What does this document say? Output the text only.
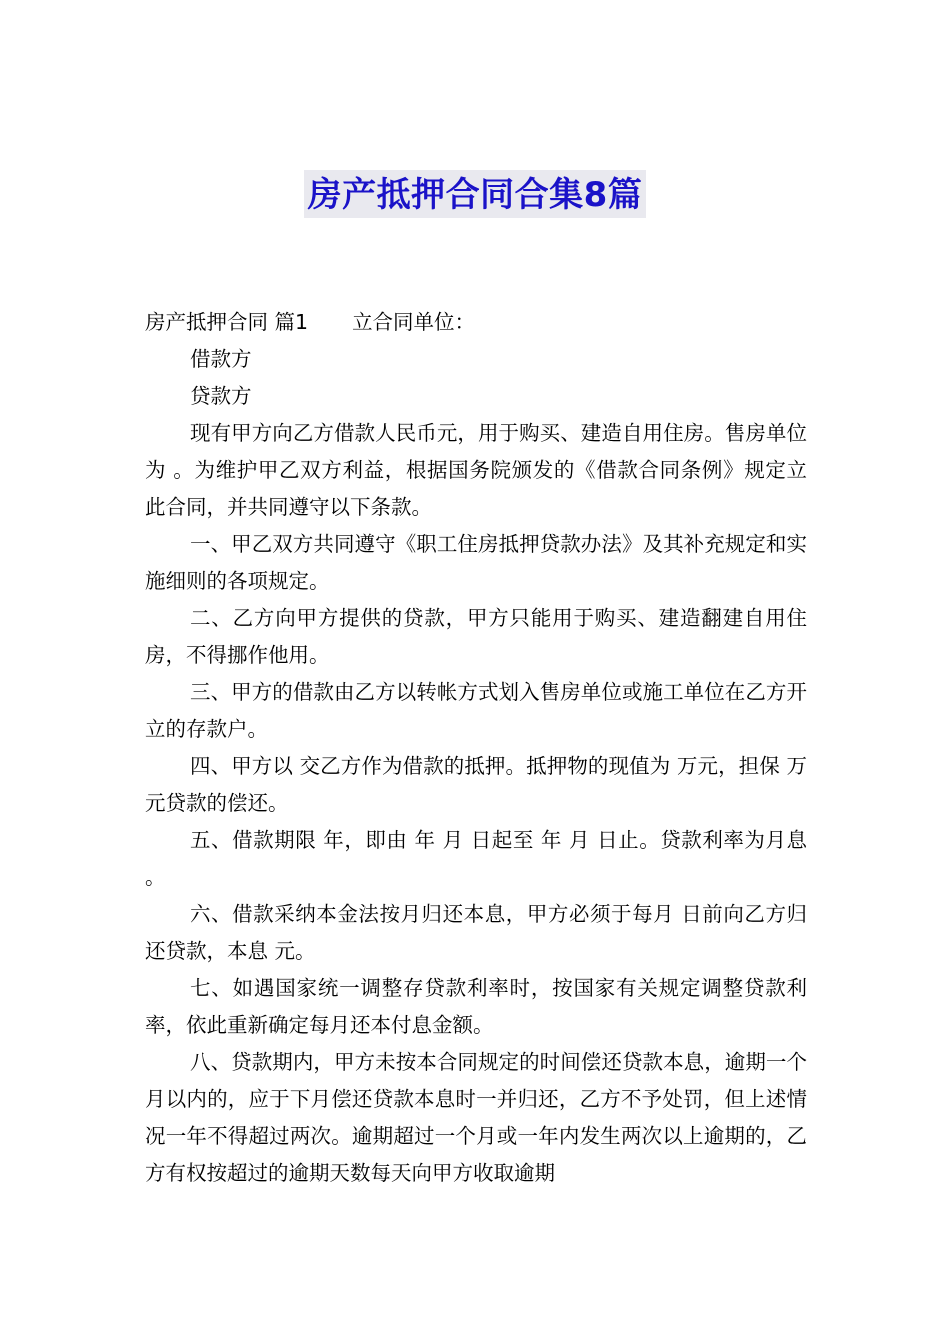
房产抵押合同合集8篇

房产抵押合同 篇1 立合同单位：

借款方

贷款方

现有甲方向乙方借款人民币元，用于购买、建造自用住房。售房单位为 。为维护甲乙双方利益，根据国务院颁发的《借款合同条例》规定立此合同，并共同遵守以下条款。

一、甲乙双方共同遵守《职工住房抵押贷款办法》及其补充规定和实施细则的各项规定。

二、乙方向甲方提供的贷款，甲方只能用于购买、建造翻建自用住房，不得挪作他用。

三、甲方的借款由乙方以转帐方式划入售房单位或施工单位在乙方开立的存款户。

四、甲方以 交乙方作为借款的抵押。抵押物的现值为 万元，担保 万元贷款的偿还。

五、借款期限 年，即由 年 月 日起至 年 月 日止。贷款利率为月息 。

六、借款采纳本金法按月归还本息，甲方必须于每月 日前向乙方归还贷款，本息 元。

七、如遇国家统一调整存贷款利率时，按国家有关规定调整贷款利率，依此重新确定每月还本付息金额。

八、贷款期内，甲方未按本合同规定的时间偿还贷款本息，逾期一个月以内的，应于下月偿还贷款本息时一并归还，乙方不予处罚，但上述情况一年不得超过两次。逾期超过一个月或一年内发生两次以上逾期的，乙方有权按超过的逾期天数每天向甲方收取逾期
